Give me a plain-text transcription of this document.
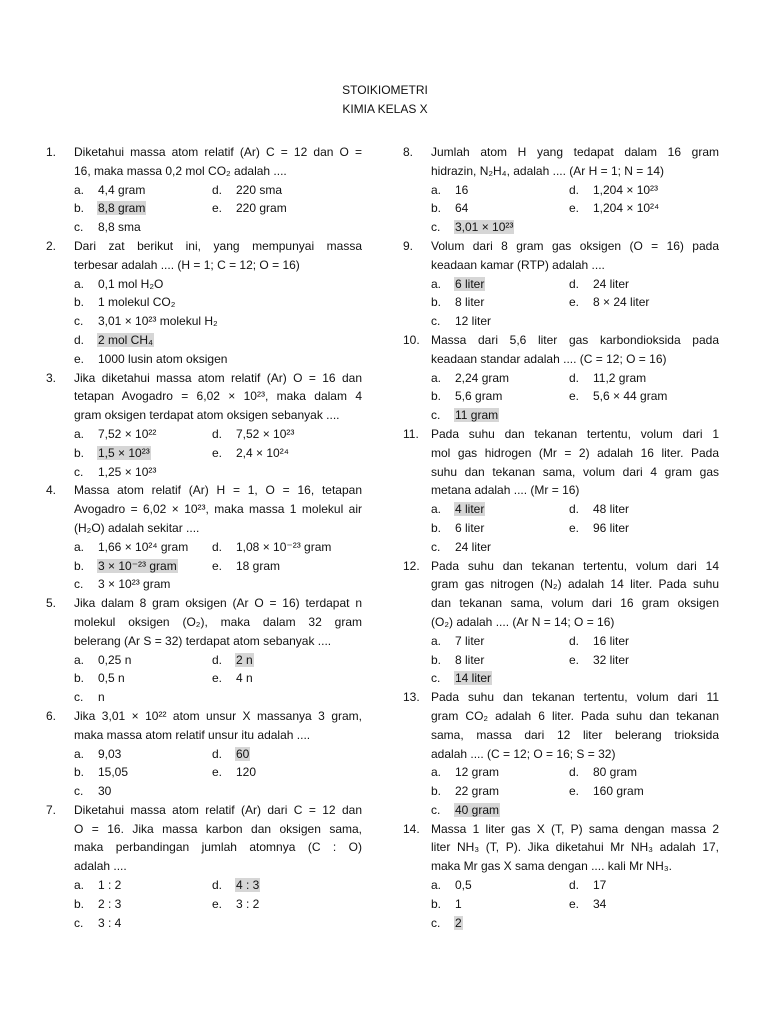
STOIKIOMETRI
KIMIA KELAS X
1. Diketahui massa atom relatif (Ar) C = 12 dan O =
16, maka massa 0,2 mol CO₂ adalah ....
a. 4,4 gram	d. 220 sma
b. 8,8 gram	e. 220 gram
c. 8,8 sma
2. Dari zat berikut ini, yang mempunyai massa
terbesar adalah .... (H = 1; C = 12; O = 16)
a. 0,1 mol H₂O
b. 1 molekul CO₂
c. 3,01 × 10²³ molekul H₂
d. 2 mol CH₄
e. 1000 lusin atom oksigen
3. Jika diketahui massa atom relatif (Ar) O = 16 dan
tetapan Avogadro = 6,02 × 10²³, maka dalam 4
gram oksigen terdapat atom oksigen sebanyak ....
a. 7,52 × 10²²	d. 7,52 × 10²³
b. 1,5 × 10²³	e. 2,4 × 10²⁴
c. 1,25 × 10²³
4. Massa atom relatif (Ar) H = 1, O = 16, tetapan
Avogadro = 6,02 × 10²³, maka massa 1 molekul air
(H₂O) adalah sekitar ....
a. 1,66 × 10²⁴ gram d. 1,08 × 10⁻²³ gram
b. 3 × 10⁻²³ gram	e. 18 gram
c. 3 × 10²³ gram
5. Jika dalam 8 gram oksigen (Ar O = 16) terdapat n
molekul oksigen (O₂), maka dalam 32 gram
belerang (Ar S = 32) terdapat atom sebanyak ....
a. 0,25 n	d. 2 n
b. 0,5 n	e. 4 n
c. n
6. Jika 3,01 × 10²² atom unsur X massanya 3 gram,
maka massa atom relatif unsur itu adalah ....
a. 9,03	d. 60
b. 15,05	e. 120
c. 30
7. Diketahui massa atom relatif (Ar) dari C = 12 dan
O = 16. Jika massa karbon dan oksigen sama,
maka perbandingan jumlah atomnya (C : O)
adalah ....
a. 1 : 2	d. 4 : 3
b. 2 : 3	e. 3 : 2
c. 3 : 4
8. Jumlah atom H yang tedapat dalam 16 gram
hidrazin, N₂H₄, adalah .... (Ar H = 1; N = 14)
a. 16	d. 1,204 × 10²³
b. 64	e. 1,204 × 10²⁴
c. 3,01 × 10²³
9. Volum dari 8 gram gas oksigen (O = 16) pada
keadaan kamar (RTP) adalah ....
a. 6 liter	d. 24 liter
b. 8 liter	e. 8 × 24 liter
c. 12 liter
10. Massa dari 5,6 liter gas karbondioksida pada
keadaan standar adalah .... (C = 12; O = 16)
a. 2,24 gram	d. 11,2 gram
b. 5,6 gram	e. 5,6 × 44 gram
c. 11 gram
11. Pada suhu dan tekanan tertentu, volum dari 1
mol gas hidrogen (Mr = 2) adalah 16 liter. Pada
suhu dan tekanan sama, volum dari 4 gram gas
metana adalah .... (Mr = 16)
a. 4 liter	d. 48 liter
b. 6 liter	e. 96 liter
c. 24 liter
12. Pada suhu dan tekanan tertentu, volum dari 14
gram gas nitrogen (N₂) adalah 14 liter. Pada suhu
dan tekanan sama, volum dari 16 gram oksigen
(O₂) adalah .... (Ar N = 14; O = 16)
a. 7 liter	d. 16 liter
b. 8 liter	e. 32 liter
c. 14 liter
13. Pada suhu dan tekanan tertentu, volum dari 11
gram CO₂ adalah 6 liter. Pada suhu dan tekanan
sama, massa dari 12 liter belerang trioksida
adalah .... (C = 12; O = 16; S = 32)
a. 12 gram	d. 80 gram
b. 22 gram	e. 160 gram
c. 40 gram
14. Massa 1 liter gas X (T, P) sama dengan massa 2
liter NH₃ (T, P). Jika diketahui Mr NH₃ adalah 17,
maka Mr gas X sama dengan .... kali Mr NH₃.
a. 0,5	d. 17
b. 1	e. 34
c. 2
